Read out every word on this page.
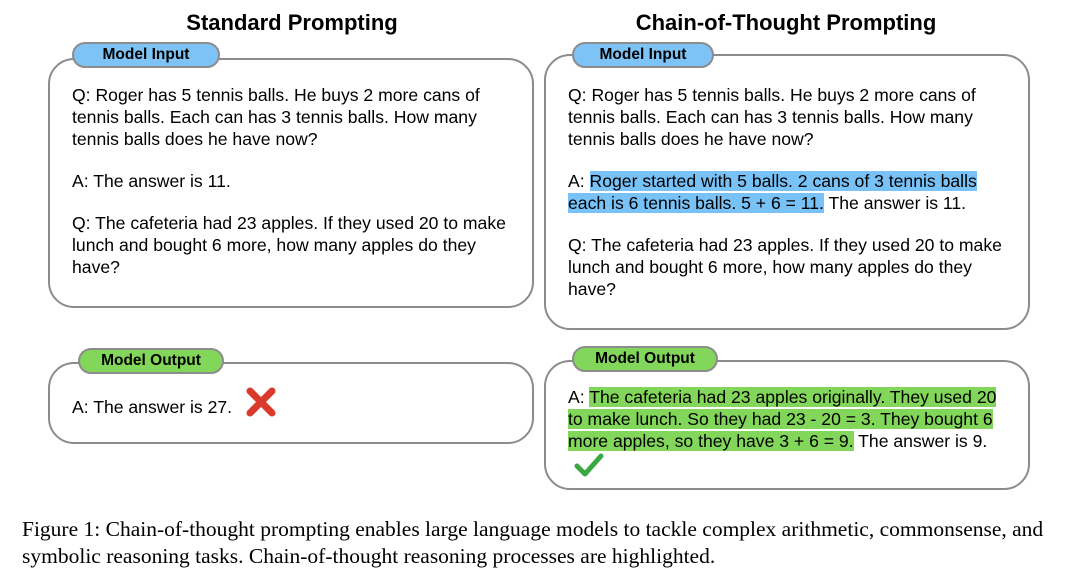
Standard Prompting	Chain-of-Thought Prompting

Q: Roger has 5 tennis balls. He buys 2 more cans of tennis balls. Each can has 3 tennis balls. How many tennis balls does he have now?

A: The answer is 11.

Q: The cafeteria had 23 apples. If they used 20 to make lunch and bought 6 more, how many apples do they have?

Model Input
A: The answer is 27.
Model Output

Q: Roger has 5 tennis balls. He buys 2 more cans of tennis balls. Each can has 3 tennis balls. How many tennis balls does he have now?

A: Roger started with 5 balls. 2 cans of 3 tennis balls each is 6 tennis balls. 5 + 6 = 11. The answer is 11.

Q: The cafeteria had 23 apples. If they used 20 to make lunch and bought 6 more, how many apples do they have?

Model Input
A: The cafeteria had 23 apples originally. They used 20 to make lunch. So they had 23 - 20 = 3. They bought 6 more apples, so they have 3 + 6 = 9. The answer is 9.
Model Output
Figure 1: Chain-of-thought prompting enables large language models to tackle complex arithmetic, commonsense, and symbolic reasoning tasks. Chain-of-thought reasoning processes are highlighted.
